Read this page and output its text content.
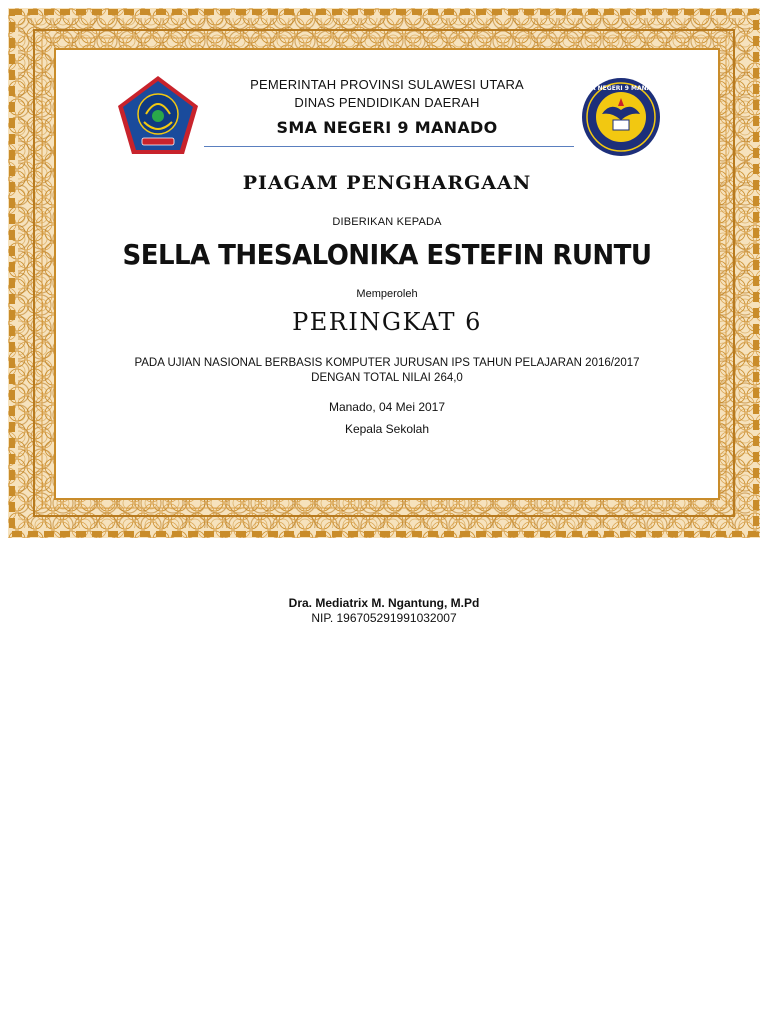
SMA NEGERI 9 MANADO
PEMERINTAH PROVINSI SULAWESI UTARA
DINAS PENDIDIKAN DAERAH
SMA NEGERI 9 MANADO
PIAGAM PENGHARGAAN
DIBERIKAN KEPADA
SELLA THESALONIKA ESTEFIN RUNTU
Memperoleh
PERINGKAT 6
PADA UJIAN NASIONAL BERBASIS KOMPUTER JURUSAN IPS TAHUN PELAJARAN 2016/2017
DENGAN TOTAL NILAI 264,0
Manado, 04 Mei 2017
Kepala Sekolah
Dra. Mediatrix M. Ngantung, M.Pd
NIP. 196705291991032007
